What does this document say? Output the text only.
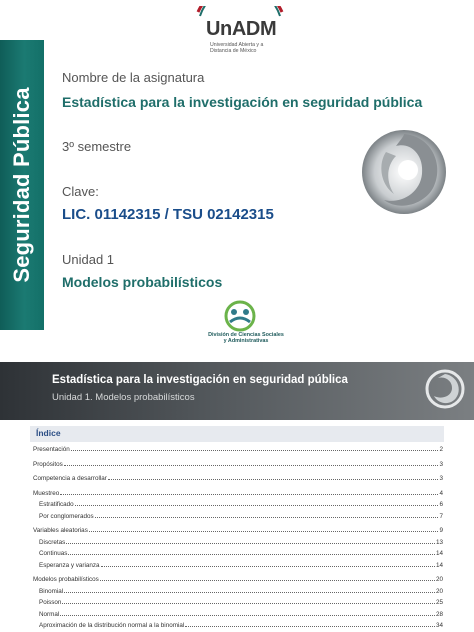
Seguridad Pública
UnADM
Universidad Abierta y a Distancia de México
Nombre de la asignatura
Estadística para la investigación en seguridad pública
3º semestre
Clave:
LIC. 01142315 / TSU 02142315
Unidad 1
Modelos probabilísticos
División de Ciencias Sociales y Administrativas
Estadística para la investigación en seguridad pública
Unidad 1. Modelos probabilísticos
Índice
Presentación	2
Propósitos	3
Competencia a desarrollar	3
Muestreo	4
Estratificado	6
Por conglomerados	7
Variables aleatorias	9
Discretas	13
Continuas	14
Esperanza y varianza	14
Modelos probabilísticos	20
Binomial	20
Poisson	25
Normal	28
Aproximación de la distribución normal a la binomial	34
